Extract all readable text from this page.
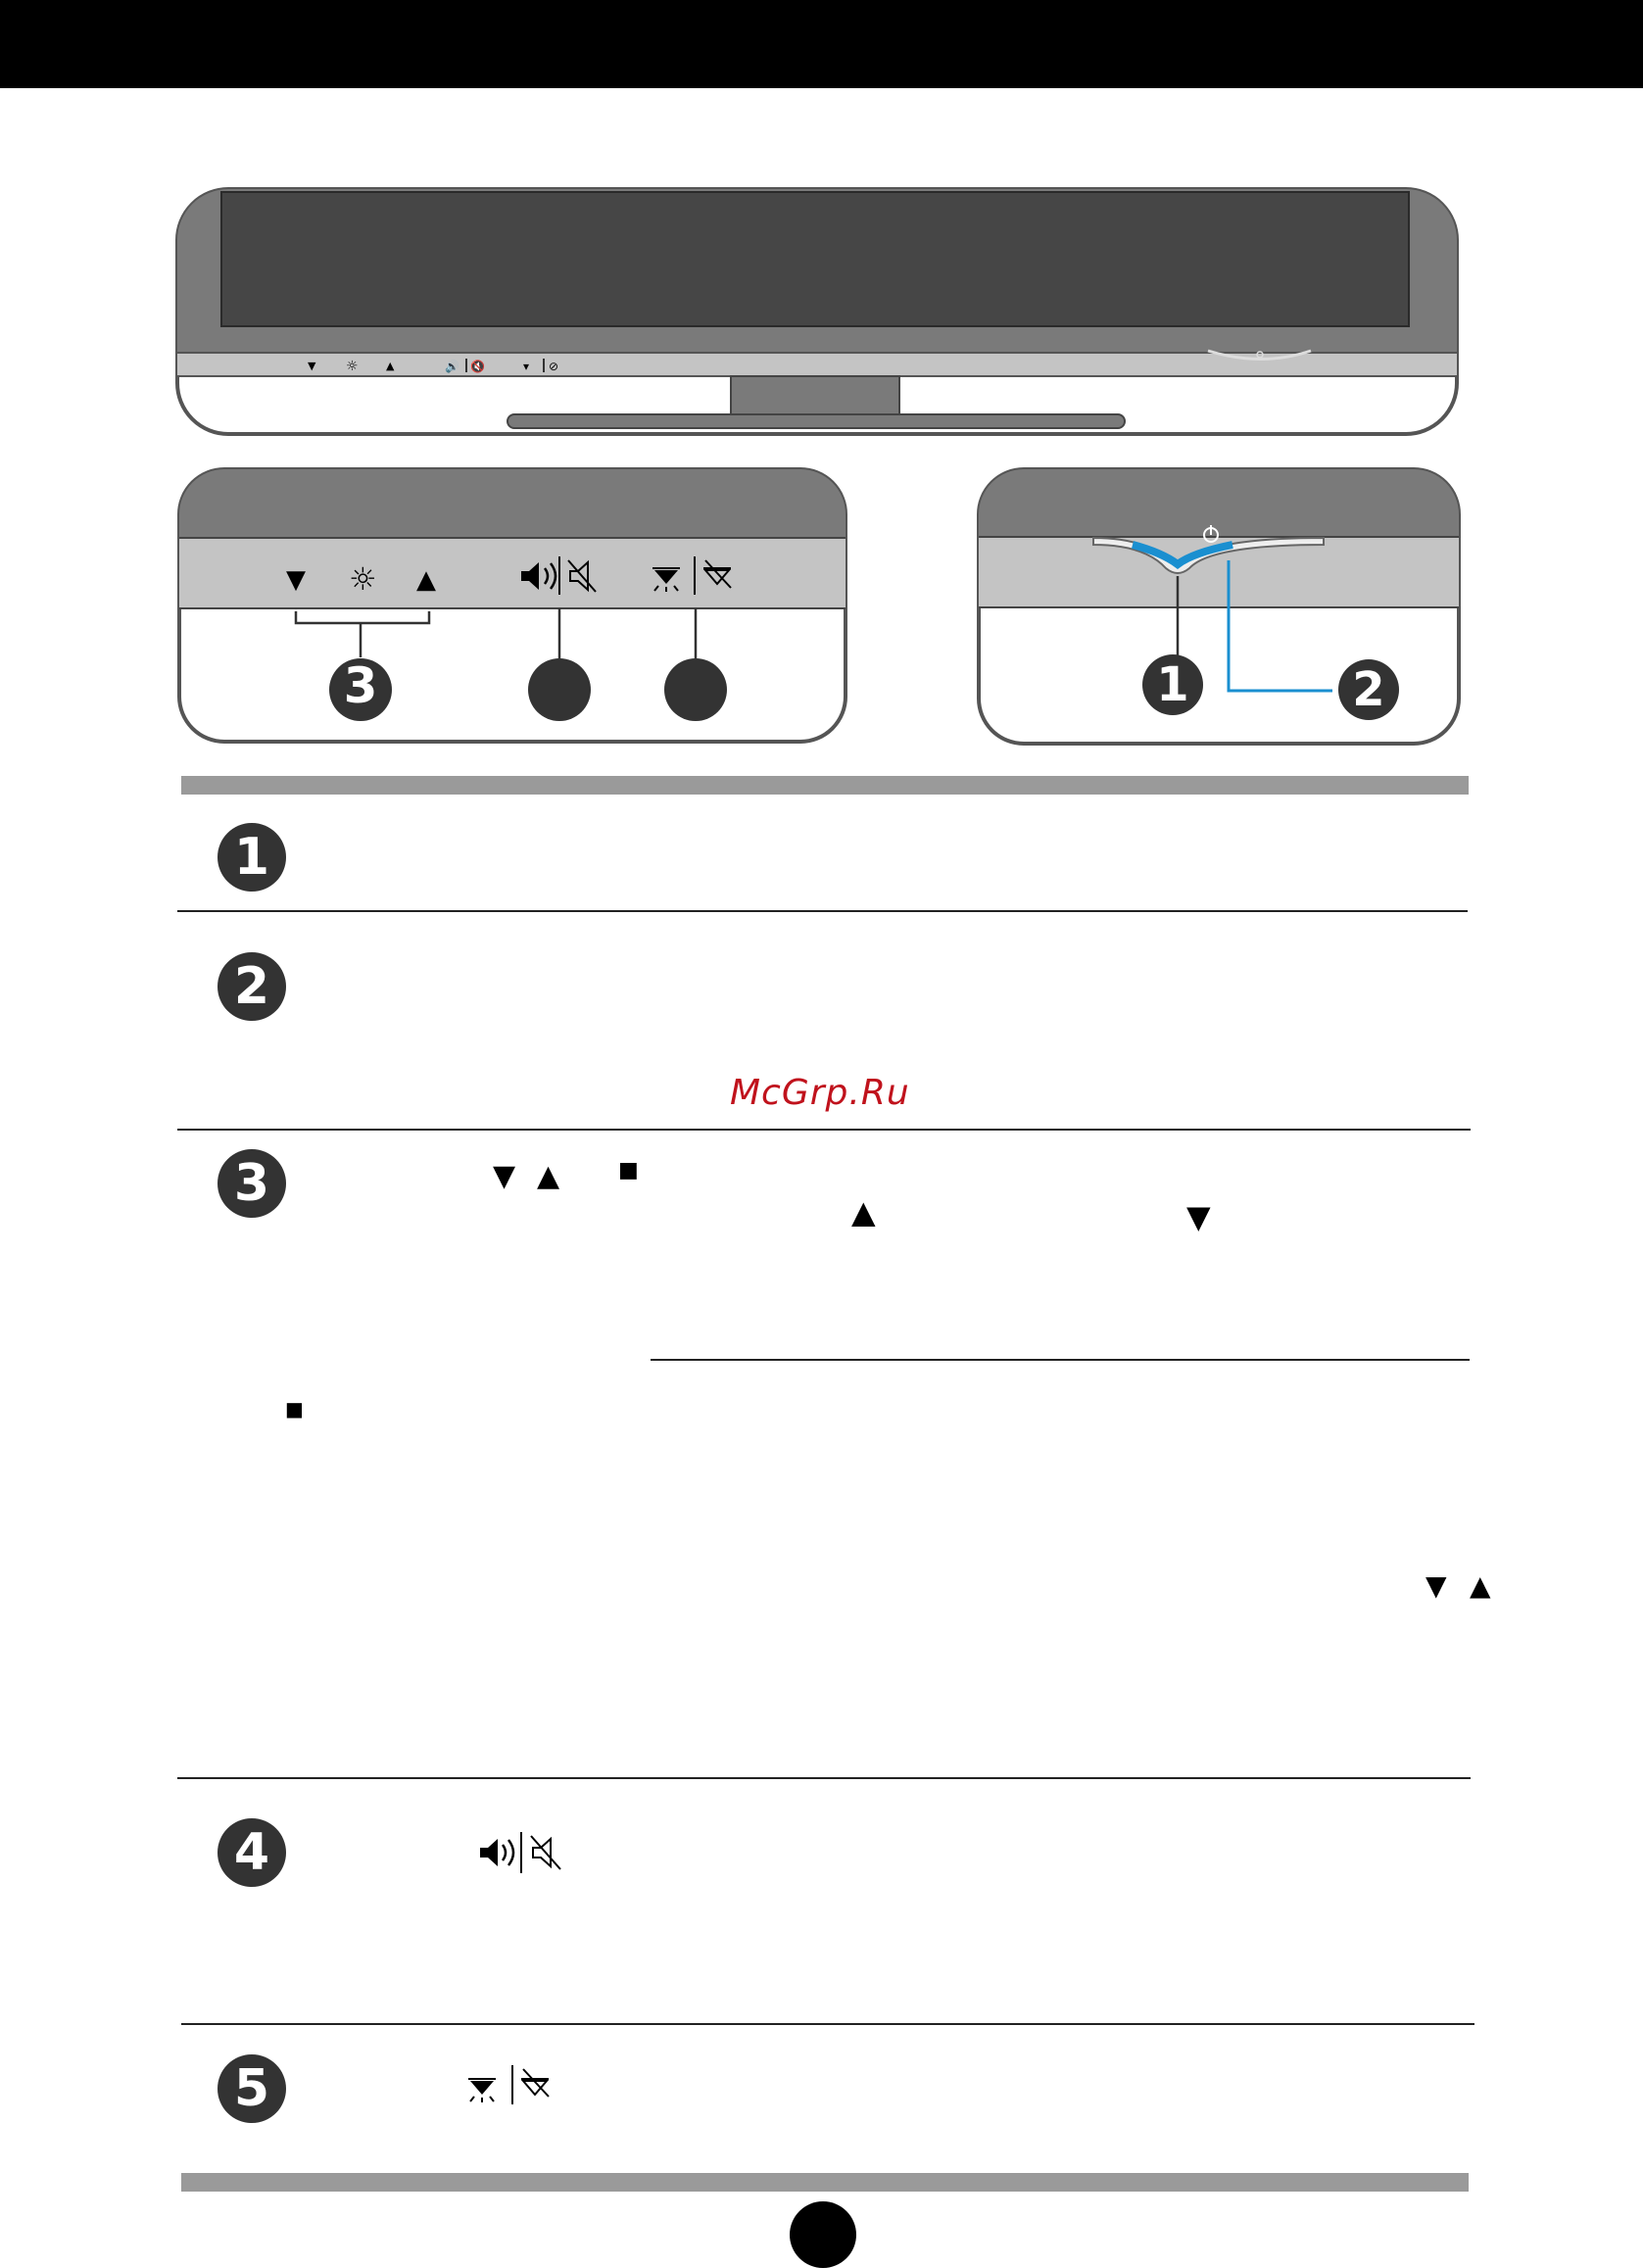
▼ ☼	▲	🔊 🔇	▾ ⊘
▼ ☼ ▲
3	1	2
1
2
McGrp.Ru
3	▼ ▲	■
▲	▼
■
▼ ▲
4
5
